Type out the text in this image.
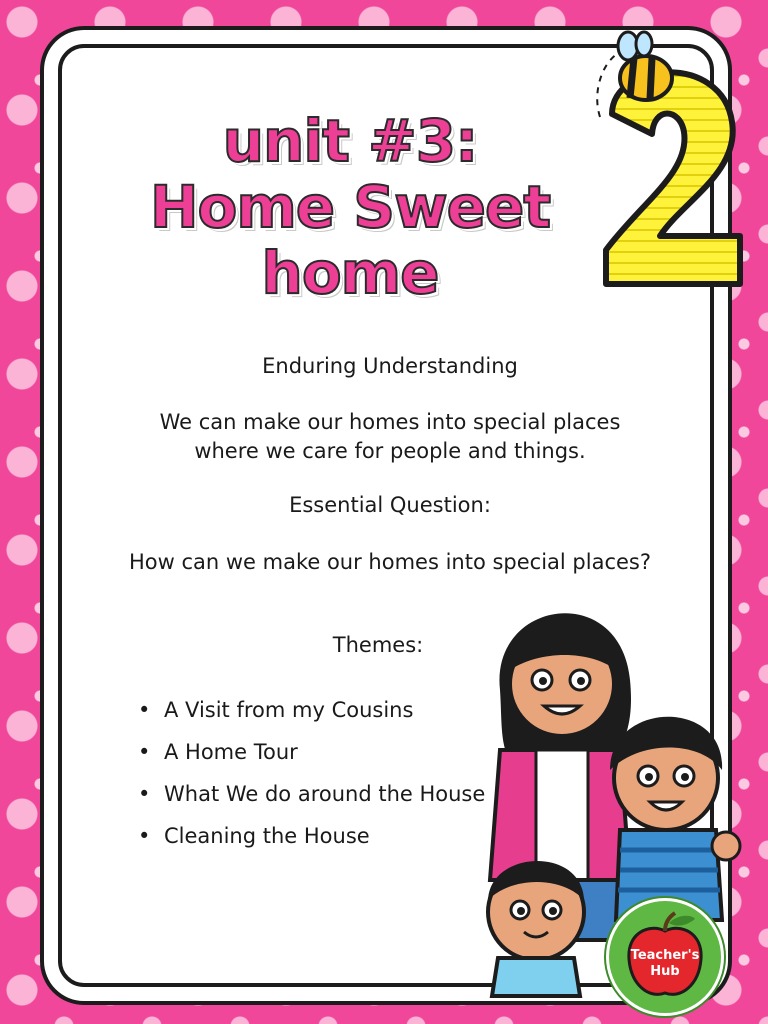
unit #3:
Home Sweet
home
Enduring Understanding
We can make our homes into special places
where we care for people and things.
Essential Question:
How can we make our homes into special places?
Themes:
• A Visit from my Cousins
• A Home Tour
• What We do around the House
• Cleaning the House
Teacher's
Hub
